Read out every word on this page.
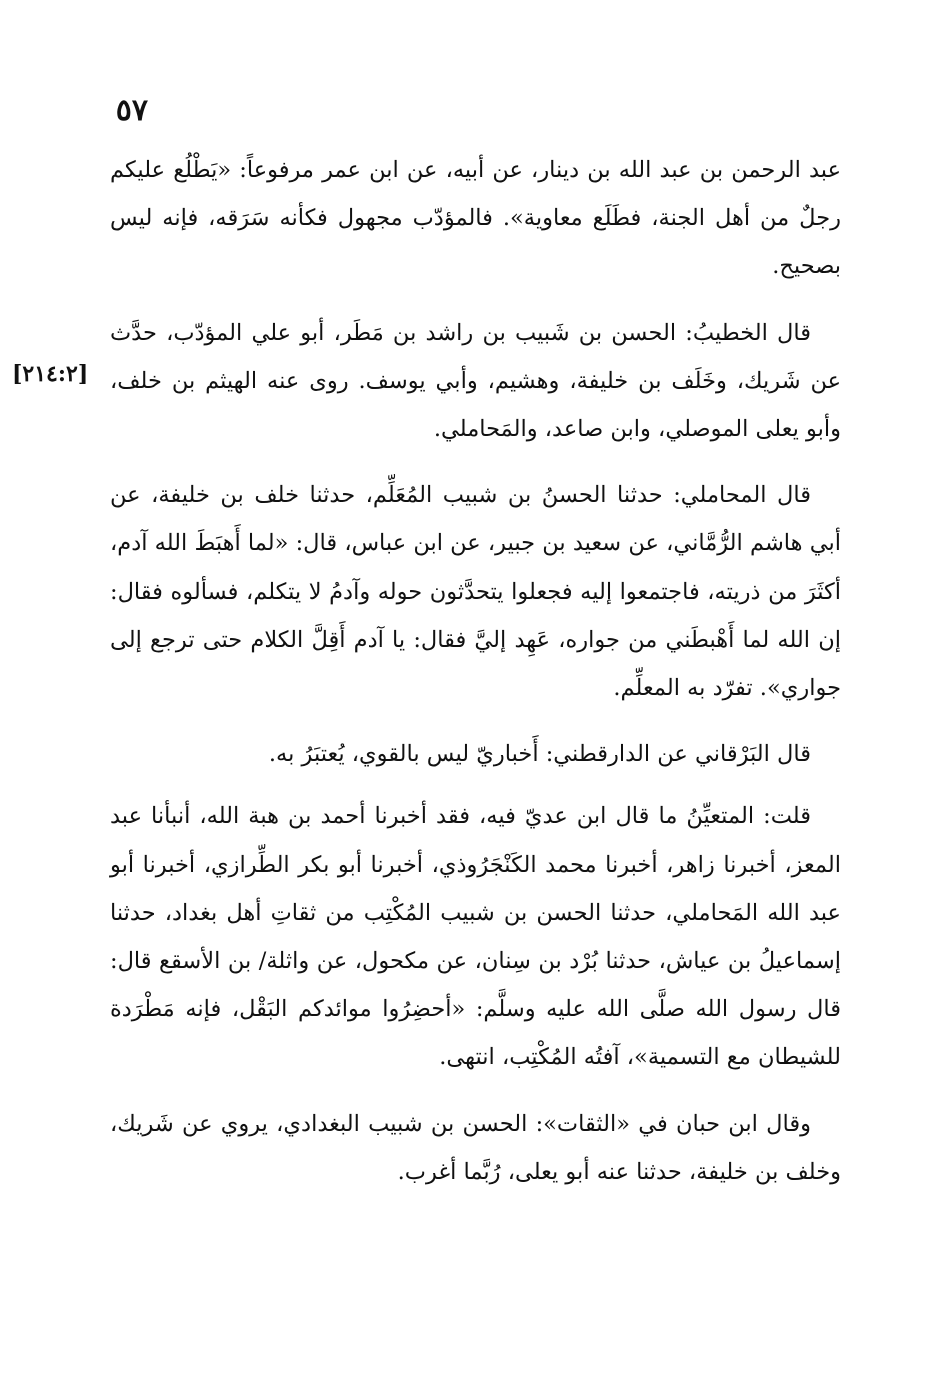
٥٧

عبد الرحمن بن عبد الله بن دينار، عن أبيه، عن ابن عمر مرفوعاً: «يَطْلُع عليكم رجلٌ من أهل الجنة، فطَلَع معاوية». فالمؤدّب مجهول فكأنه سَرَقه، فإنه ليس بصحيح.

قال الخطيبُ: الحسن بن شَبيب بن راشد بن مَطَر، أبو علي المؤدّب، حدَّث عن شَريك، وخَلَف بن خليفة، وهشيم، وأبي يوسف. روى عنه الهيثم بن خلف، وأبو يعلى الموصلي، وابن صاعد، والمَحاملي.

قال المحاملي: حدثنا الحسنُ بن شبيب المُعَلِّم، حدثنا خلف بن خليفة، عن أبي هاشم الرُّمَّاني، عن سعيد بن جبير، عن ابن عباس، قال: «لما أَهبَطَ الله آدم، أكثَرَ من ذريته، فاجتمعوا إليه فجعلوا يتحدَّثون حوله وآدمُ لا يتكلم، فسألوه فقال: إن الله لما أَهْبطَني من جواره، عَهِد إليَّ فقال: يا آدم أَقِلَّ الكلام حتى ترجع إلى جواري». تفرّد به المعلِّم.

قال البَرْقاني عن الدارقطني: أَخباريّ ليس بالقوي، يُعتبَرُ به.

قلت: المتعيِّنُ ما قال ابن عديّ فيه، فقد أخبرنا أحمد بن هبة الله، أنبأنا عبد المعز، أخبرنا زاهر، أخبرنا محمد الكَنْجَرُوذي، أخبرنا أبو بكر الطِّرازي، أخبرنا أبو عبد الله المَحاملي، حدثنا الحسن بن شبيب المُكْتِب من ثقاتِ أهل بغداد، حدثنا إسماعيلُ بن عياش، حدثنا بُرْد بن سِنان، عن مكحول، عن واثلة/ بن الأسقع قال: قال رسول الله صلَّى الله عليه وسلَّم:
[٢١٤:٢]
«أحضِرُوا موائدكم البَقْل، فإنه مَطْرَدة للشيطان مع التسمية»، آفتُه المُكْتِب، انتهى.

وقال ابن حبان في «الثقات»: الحسن بن شبيب البغدادي، يروي عن شَريك، وخلف بن خليفة، حدثنا عنه أبو يعلى، رُبَّما أغرب.
